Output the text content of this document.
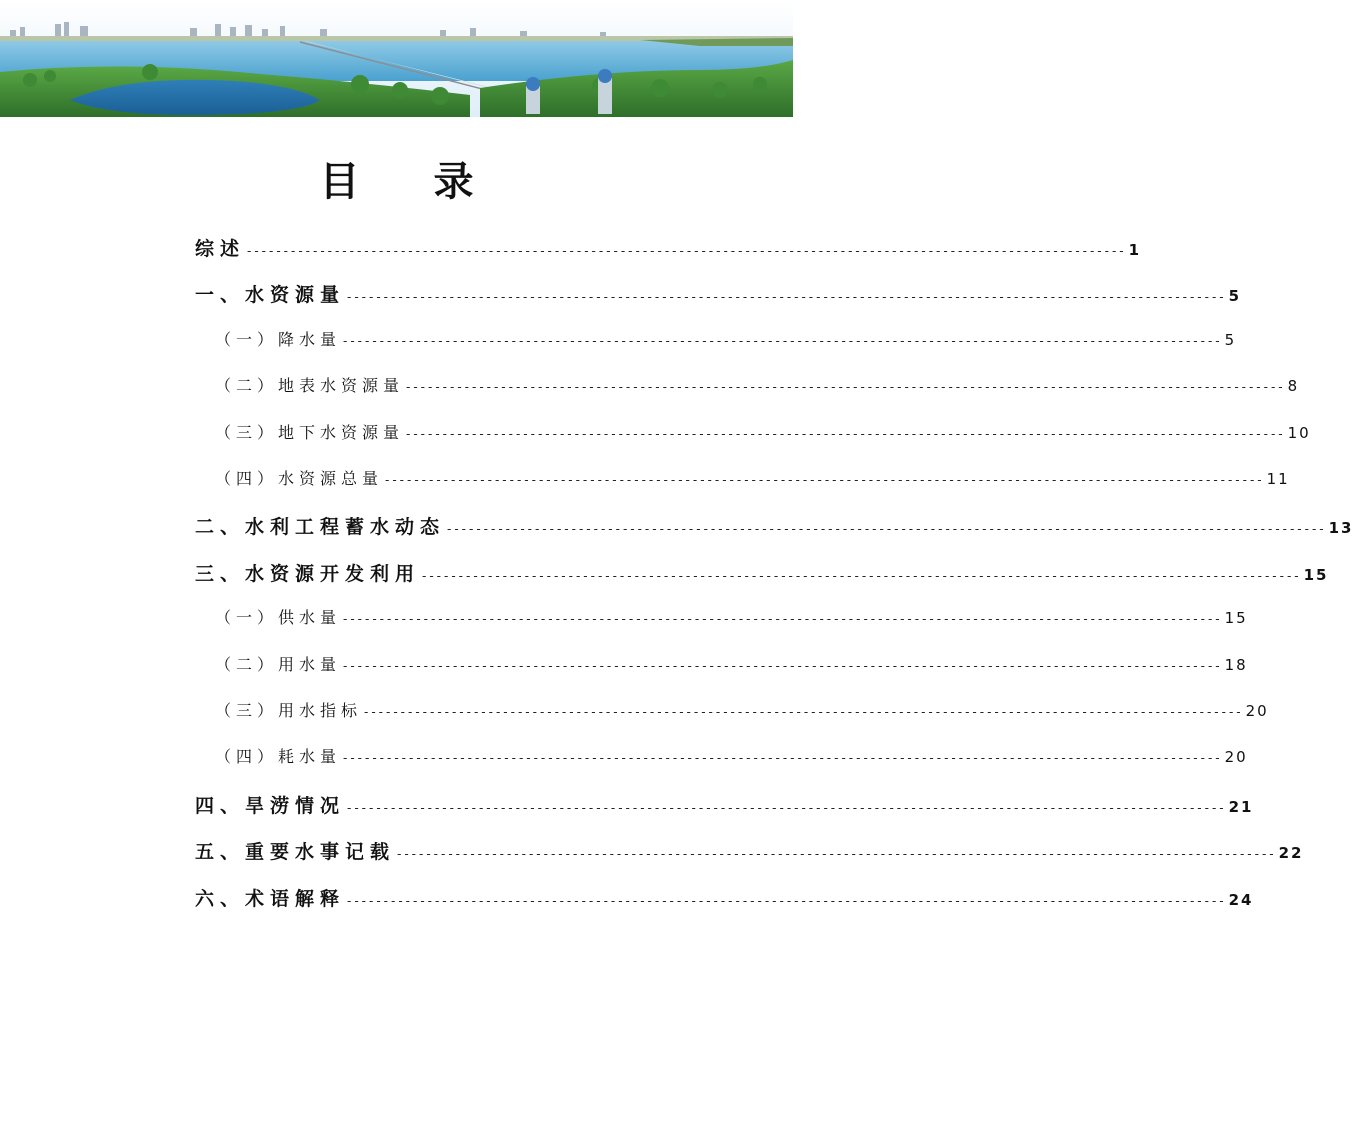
目 录
综述 ------------------------------------------------------------------------------------------------------------------------ 1
一、水资源量 ------------------------------------------------------------------------------------------------------------------------ 5
（一）降水量 ------------------------------------------------------------------------------------------------------------------------ 5
（二）地表水资源量 ------------------------------------------------------------------------------------------------------------------------ 8
（三）地下水资源量 ------------------------------------------------------------------------------------------------------------------------ 10
（四）水资源总量 ------------------------------------------------------------------------------------------------------------------------ 11
二、水利工程蓄水动态 ------------------------------------------------------------------------------------------------------------------------ 13
三、水资源开发利用 ------------------------------------------------------------------------------------------------------------------------ 15
（一）供水量 ------------------------------------------------------------------------------------------------------------------------ 15
（二）用水量 ------------------------------------------------------------------------------------------------------------------------ 18
（三）用水指标 ------------------------------------------------------------------------------------------------------------------------ 20
（四）耗水量 ------------------------------------------------------------------------------------------------------------------------ 20
四、旱涝情况 ------------------------------------------------------------------------------------------------------------------------ 21
五、重要水事记载 ------------------------------------------------------------------------------------------------------------------------ 22
六、术语解释 ------------------------------------------------------------------------------------------------------------------------ 24
